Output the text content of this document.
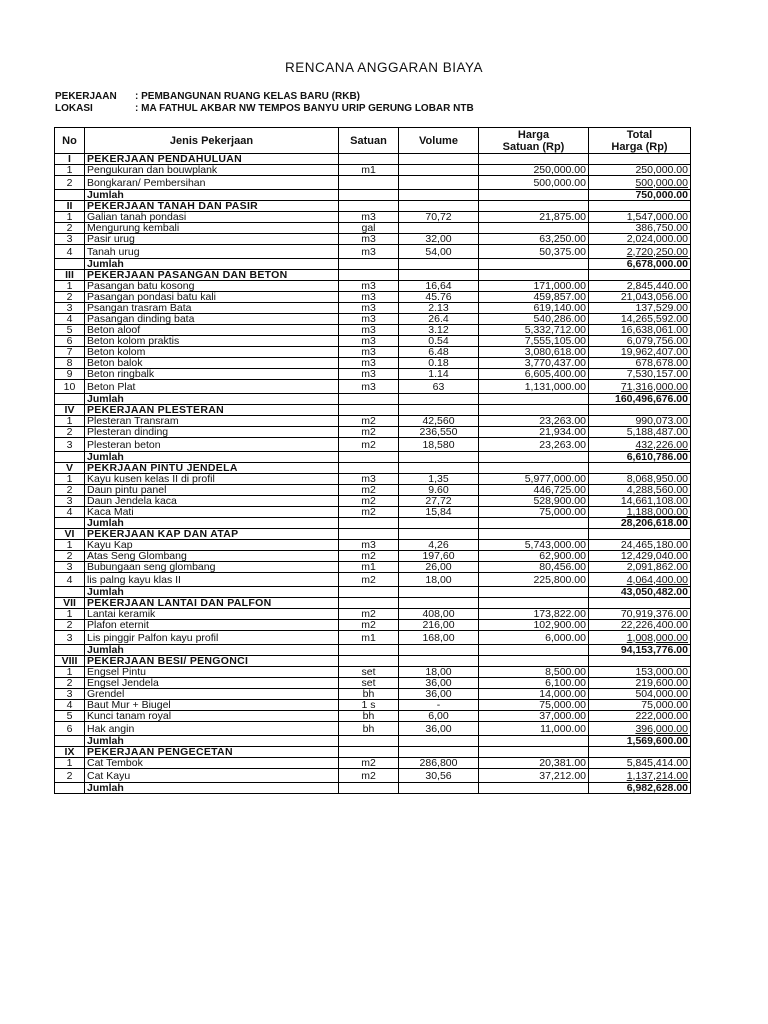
RENCANA ANGGARAN BIAYA
PEKERJAAN : PEMBANGUNAN RUANG KELAS BARU (RKB)
LOKASI	: MA FATHUL AKBAR NW TEMPOS BANYU URIP GERUNG LOBAR NTB
No	Jenis Pekerjaan	Satuan	Volume	Harga
Satuan (Rp)	Total
Harga (Rp)
I	PEKERJAAN PENDAHULUAN				
1	Pengukuran dan bouwplank	m1		250,000.00	250,000.00
2	Bongkaran/ Pembersihan			500,000.00	500,000.00
	Jumlah				750,000.00
II	PEKERJAAN TANAH DAN PASIR				
1	Galian tanah pondasi	m3	70,72	21,875.00	1,547,000.00
2	Mengurung kembali	gal			386,750.00
3	Pasir urug	m3	32,00	63,250.00	2,024,000.00
4	Tanah urug	m3	54,00	50,375.00	2,720,250.00
	Jumlah				6,678,000.00
III	PEKERJAAN PASANGAN DAN BETON				
1	Pasangan batu kosong	m3	16,64	171,000.00	2,845,440.00
2	Pasangan pondasi batu kali	m3	45.76	459,857.00	21,043,056.00
3	Psangan trasram Bata	m3	2.13	619,140.00	137,529.00
4	Pasangan dinding bata	m3	26.4	540,286.00	14,265,592.00
5	Beton aloof	m3	3.12	5,332,712.00	16,638,061.00
6	Beton kolom praktis	m3	0.54	7,555,105.00	6,079,756.00
7	Beton kolom	m3	6.48	3,080,618.00	19,962,407.00
8	Beton balok	m3	0.18	3,770,437.00	678,678.00
9	Beton ringbalk	m3	1.14	6,605,400.00	7,530,157.00
10	Beton Plat	m3	63	1,131,000.00	71,316,000.00
	Jumlah				160,496,676.00
IV	PEKERJAAN PLESTERAN				
1	Plesteran Transram	m2	42,560	23,263.00	990,073.00
2	Plesteran dinding	m2	236,550	21,934.00	5,188,487.00
3	Plesteran beton	m2	18,580	23,263.00	432,226.00
	Jumlah				6,610,786.00
V	PEKRJAAN PINTU JENDELA				
1	Kayu kusen kelas II di profil	m3	1,35	5,977,000.00	8,068,950.00
2	Daun pintu panel	m2	9.60	446,725.00	4,288,560.00
3	Daun Jendela kaca	m2	27,72	528,900.00	14,661,108.00
4	Kaca Mati	m2	15,84	75,000.00	1,188,000.00
	Jumlah				28,206,618.00
VI	PEKERJAAN KAP DAN ATAP				
1	Kayu Kap	m3	4,26	5,743,000.00	24,465,180.00
2	Atas Seng Glombang	m2	197,60	62,900.00	12,429,040.00
3	Bubungaan seng glombang	m1	26,00	80,456.00	2,091,862.00
4	lis palng kayu klas II	m2	18,00	225,800.00	4,064,400.00
	Jumlah				43,050,482.00
VII	PEKERJAAN LANTAI DAN PALFON				
1	Lantai keramik	m2	408,00	173,822.00	70,919,376.00
2	Plafon eternit	m2	216,00	102,900.00	22,226,400.00
3	Lis pinggir Palfon kayu profil	m1	168,00	6,000.00	1,008,000.00
	Jumlah				94,153,776.00
VIII	PEKERJAAN BESI/ PENGONCI				
1	Engsel Pintu	set	18,00	8,500.00	153,000.00
2	Engsel Jendela	set	36,00	6,100.00	219,600.00
3	Grendel	bh	36,00	14,000.00	504,000.00
4	Baut Mur + Biugel	1 s	-	75,000.00	75,000.00
5	Kunci tanam royal	bh	6,00	37,000.00	222,000.00
6	Hak angin	bh	36,00	11,000.00	396,000.00
	Jumlah				1,569,600.00
IX	PEKERJAAN PENGECETAN				
1	Cat Tembok	m2	286,800	20,381.00	5,845,414.00
2	Cat Kayu	m2	30,56	37,212.00	1,137,214.00
	Jumlah				6,982,628.00
